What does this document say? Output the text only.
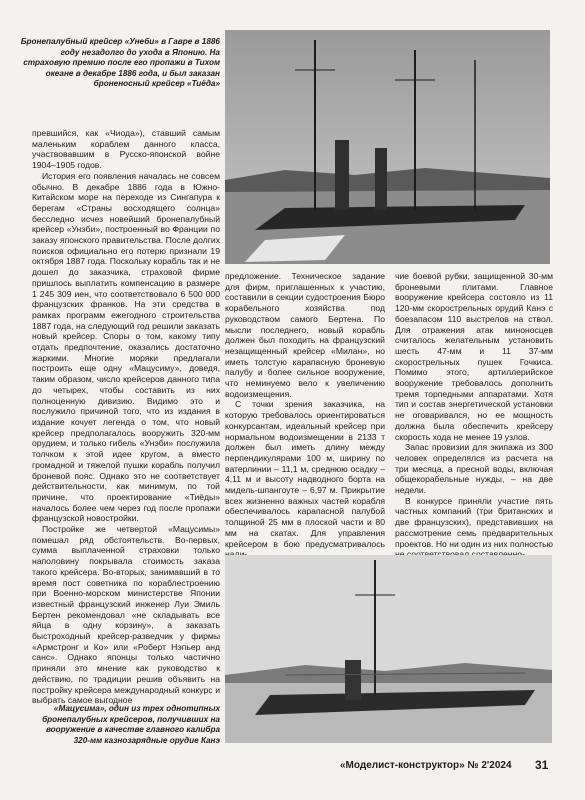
Бронепалубный крейсер «Унеби» в Гавре в 1886 году незадолго до ухода в Японию. На страховую премию после его пропажи в Тихом океане в декабре 1886 года, и был заказан броненосный крейсер «Тиёда»

превшийся, как «Чиода»), ставший самым маленьким кораблем данного класса, участвовавшим в Русско-японской войне 1904–1905 годов.

История его появления началась не совсем обычно. В декабре 1886 года в Южно-Китайском море на переходе из Сингапура к берегам «Страны восходящего солнца» бесследно исчез новейший бронепалубный крейсер «Унэби», построенный во Франции по заказу японского правительства. После долгих поисков официально его потерю признали 19 октября 1887 года. Поскольку корабль так и не дошел до заказчика, страховой фирме пришлось выплатить компенсацию в размере 1 245 309 иен, что соответствовало 6 500 000 французских франков. На эти средства в рамках программ ежегодного строительства 1887 года, на следующий год решили заказать новый крейсер. Споры о том, какому типу отдать предпочтение, оказались достаточно жаркими. Многие моряки предлагали построить еще одну «Мацусиму», доведя, таким образом, число крейсеров данного типа до четырех, чтобы составить из них полноценную дивизию. Видимо это и послужило причиной того, что из издания в издание кочует легенда о том, что новый крейсер предполагалось вооружить 320-мм орудием, и только гибель «Унэби» послужила толчком к этой идее кругом, а вместо громадной и тяжелой пушки корабль получил броневой пояс. Однако это не соответствует действительности, как минимум, по той причине, что проектирование «Тиёды» началось более чем через год после пропажи французской новостройки.

Постройке же четвертой «Мацусимы» помешал ряд обстоятельств. Во-первых, сумма выплаченной страховки только наполовину покрывала стоимость заказа такого крейсера. Во-вторых, занимавший в то время пост советника по кораблестроению при Военно-морском министерстве Японии известный французский инженер Луи Эмиль Бертен рекомендовал «не складывать все яйца в одну корзину», а заказать быстроходный крейсер-разведчик у фирмы «Армстронг и Ко» или «Роберт Нэпьер анд санс». Однако японцы только частично приняли это мнение как руководство к действию, по традиции решив объявить на постройку крейсера международный конкурс и выбрать самое выгодное

предложение. Техническое задание для фирм, приглашенных к участию, составили в секции судостроения Бюро корабельного хозяйства под руководством самого Бертена. По мысли последнего, новый корабль должен был походить на французский незащищенный крейсер «Милан», но иметь толстую карапасную броневую палубу и более сильное вооружение, что неминуемо вело к увеличению водоизмещения.

С точки зрения заказчика, на которую требовалось ориентироваться конкурсантам, идеальный крейсер при нормальном водоизмещении в 2133 т должен был иметь длину между перпендикулярами 100 м, ширину по ватерлинии – 11,1 м, среднюю осадку – 4,11 м и высоту надводного борта на мидель-шпангоуте – 6,97 м. Прикрытие всех жизненно важных частей корабля обеспечивалось карапасной палубой толщиной 25 мм в плоской части и 80 мм на скатах. Для управления крейсером в бою предусматривалось

чие боевой рубки, защищенной 30-мм броневыми плитами. Главное вооружение крейсера состояло из 11 120-мм скорострельных орудий Канэ с боезапасом 110 выстрелов на ствол. Для отражения атак миноносцев считалось желательным установить шесть 47-мм и 11 37-мм скорострельных пушек Гочкиса. Помимо этого, артиллерийское вооружение требовалось дополнить тремя торпедными аппаратами. Хотя тип и состав энергетической установки не оговаривался, но ее мощность должна была обеспечить крейсеру скорость хода не менее 19 узлов.

Запас провизии для экипажа из 300 человек определялся из расчета на три месяца, а пресной воды, включая общекорабельные нужды, – на две недели.

В конкурсе приняли участие пять частных компаний (три британских и две французских), представивших на рассмотрение семь предварительных проектов. Но ни один из них полностью

«Мацусима», один из трех однотипных бронепалубных крейсеров, получивших на вооружение в качестве главного калибра 320-мм казнозарядные орудие Канэ
«Моделист-конструктор» № 2'2024 31
